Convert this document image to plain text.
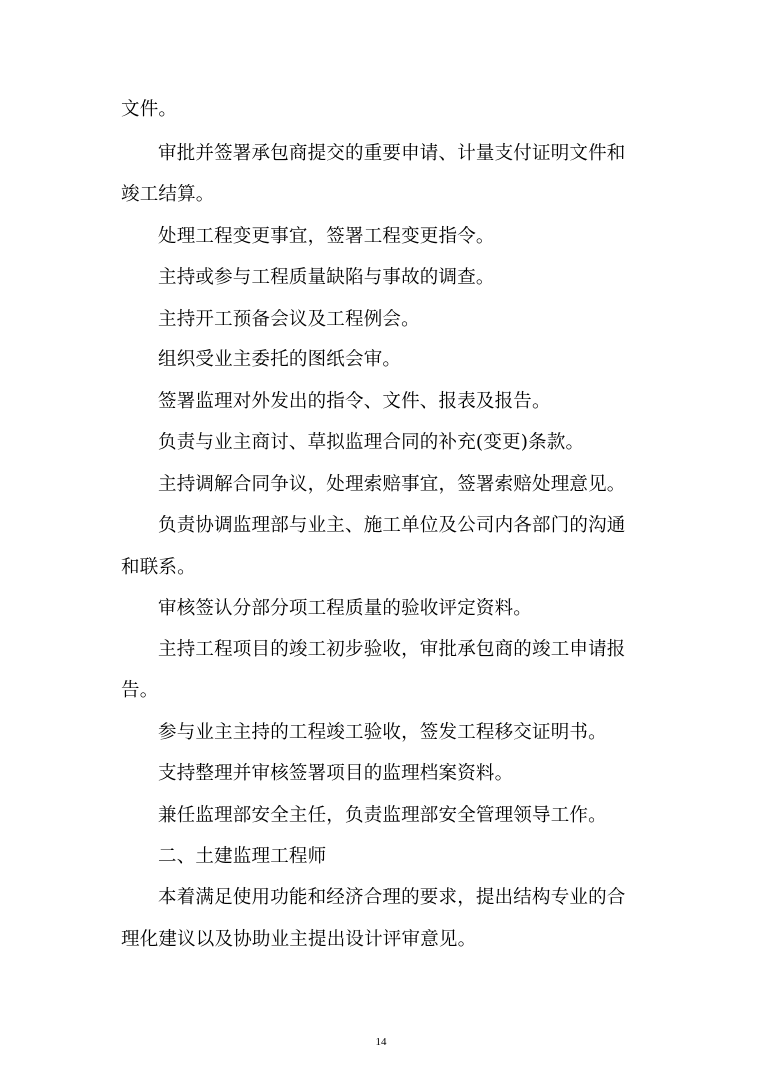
文件。
审批并签署承包商提交的重要申请、计量支付证明文件和
竣工结算。
处理工程变更事宜，签署工程变更指令。
主持或参与工程质量缺陷与事故的调查。
主持开工预备会议及工程例会。
组织受业主委托的图纸会审。
签署监理对外发出的指令、文件、报表及报告。
负责与业主商讨、草拟监理合同的补充(变更)条款。
主持调解合同争议，处理索赔事宜，签署索赔处理意见。
负责协调监理部与业主、施工单位及公司内各部门的沟通
和联系。
审核签认分部分项工程质量的验收评定资料。
主持工程项目的竣工初步验收，审批承包商的竣工申请报
告。
参与业主主持的工程竣工验收，签发工程移交证明书。
支持整理并审核签署项目的监理档案资料。
兼任监理部安全主任，负责监理部安全管理领导工作。
二、土建监理工程师
本着满足使用功能和经济合理的要求，提出结构专业的合
理化建议以及协助业主提出设计评审意见。
14
